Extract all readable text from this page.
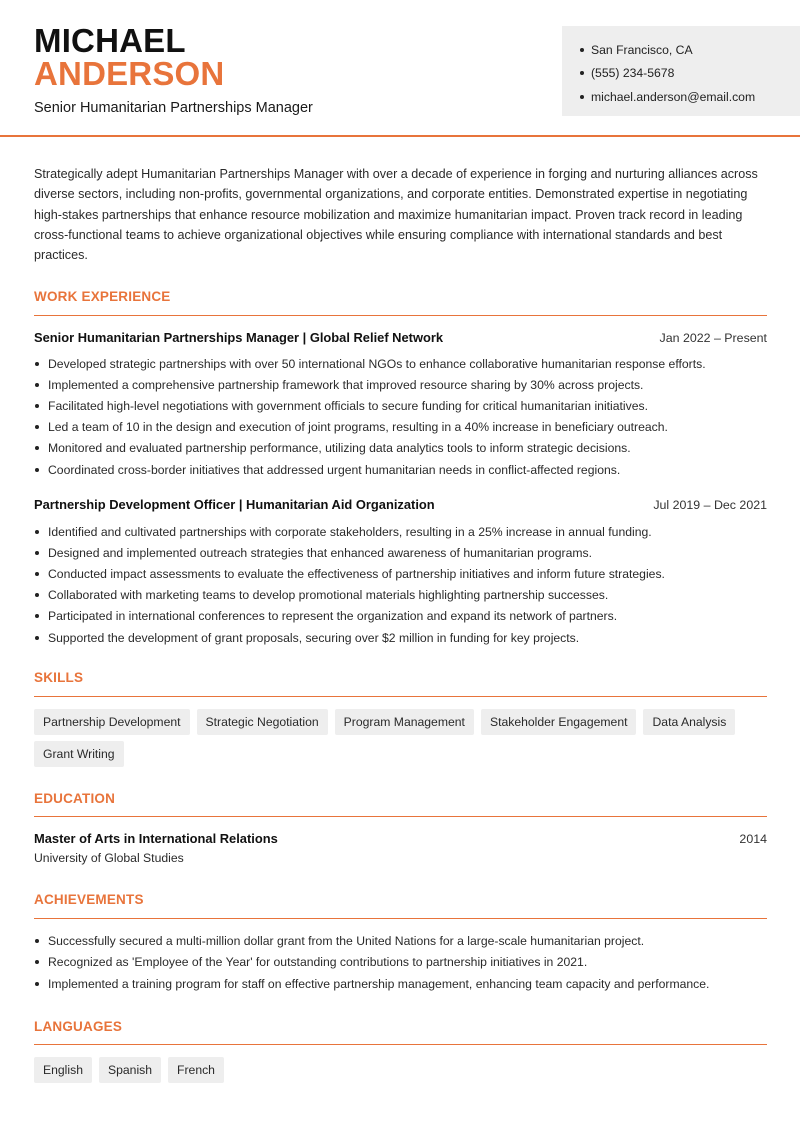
MICHAEL
ANDERSON
Senior Humanitarian Partnerships Manager
San Francisco, CA
(555) 234-5678
michael.anderson@email.com

Strategically adept Humanitarian Partnerships Manager with over a decade of experience in forging and nurturing alliances across diverse sectors, including non-profits, governmental organizations, and corporate entities. Demonstrated expertise in negotiating high-stakes partnerships that enhance resource mobilization and maximize humanitarian impact. Proven track record in leading cross-functional teams to achieve organizational objectives while ensuring compliance with international standards and best practices.

WORK EXPERIENCE
Senior Humanitarian Partnerships Manager | Global Relief Network	Jan 2022 – Present
Developed strategic partnerships with over 50 international NGOs to enhance collaborative humanitarian response efforts.
Implemented a comprehensive partnership framework that improved resource sharing by 30% across projects.
Facilitated high-level negotiations with government officials to secure funding for critical humanitarian initiatives.
Led a team of 10 in the design and execution of joint programs, resulting in a 40% increase in beneficiary outreach.
Monitored and evaluated partnership performance, utilizing data analytics tools to inform strategic decisions.
Coordinated cross-border initiatives that addressed urgent humanitarian needs in conflict-affected regions.
Partnership Development Officer | Humanitarian Aid Organization	Jul 2019 – Dec 2021
Identified and cultivated partnerships with corporate stakeholders, resulting in a 25% increase in annual funding.
Designed and implemented outreach strategies that enhanced awareness of humanitarian programs.
Conducted impact assessments to evaluate the effectiveness of partnership initiatives and inform future strategies.
Collaborated with marketing teams to develop promotional materials highlighting partnership successes.
Participated in international conferences to represent the organization and expand its network of partners.
Supported the development of grant proposals, securing over $2 million in funding for key projects.
SKILLS
Partnership Development	Strategic Negotiation	Program Management	Stakeholder Engagement	Data Analysis
Grant Writing
EDUCATION
Master of Arts in International Relations	2014
University of Global Studies
ACHIEVEMENTS
Successfully secured a multi-million dollar grant from the United Nations for a large-scale humanitarian project.
Recognized as 'Employee of the Year' for outstanding contributions to partnership initiatives in 2021.
Implemented a training program for staff on effective partnership management, enhancing team capacity and performance.
LANGUAGES
English	Spanish	French
